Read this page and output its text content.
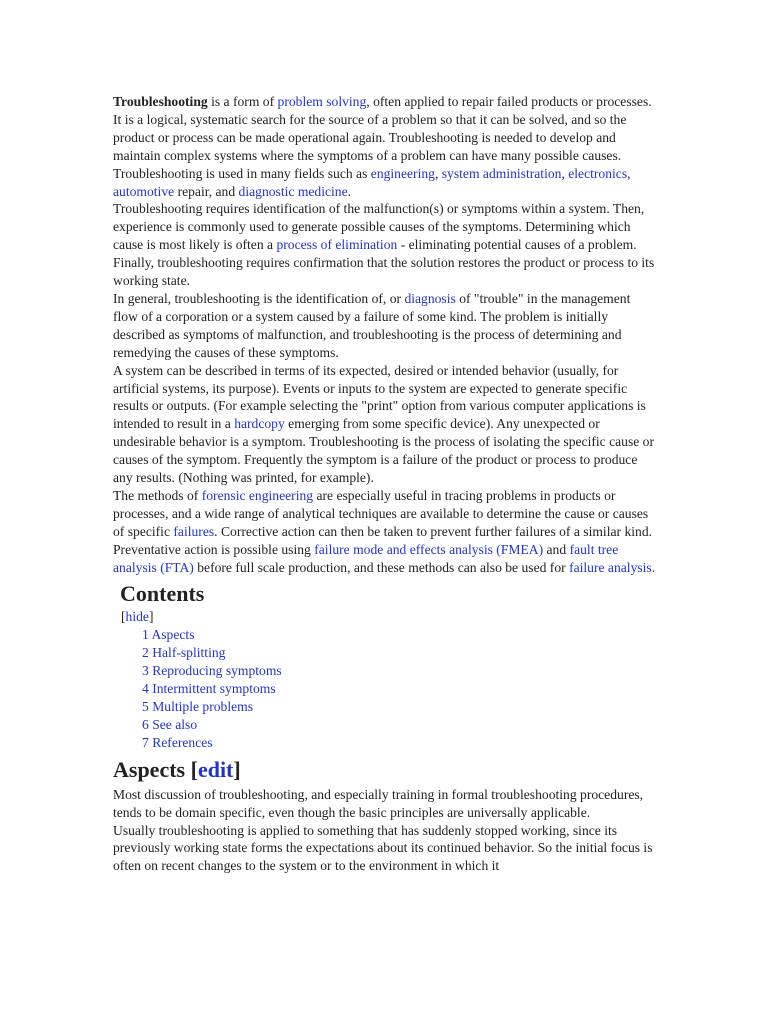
Troubleshooting is a form of problem solving, often applied to repair failed products or processes. It is a logical, systematic search for the source of a problem so that it can be solved, and so the product or process can be made operational again. Troubleshooting is needed to develop and maintain complex systems where the symptoms of a problem can have many possible causes. Troubleshooting is used in many fields such as engineering, system administration, electronics, automotive repair, and diagnostic medicine.

Troubleshooting requires identification of the malfunction(s) or symptoms within a system. Then, experience is commonly used to generate possible causes of the symptoms. Determining which cause is most likely is often a process of elimination - eliminating potential causes of a problem. Finally, troubleshooting requires confirmation that the solution restores the product or process to its working state.

In general, troubleshooting is the identification of, or diagnosis of "trouble" in the management flow of a corporation or a system caused by a failure of some kind. The problem is initially described as symptoms of malfunction, and troubleshooting is the process of determining and remedying the causes of these symptoms.

A system can be described in terms of its expected, desired or intended behavior (usually, for artificial systems, its purpose). Events or inputs to the system are expected to generate specific results or outputs. (For example selecting the "print" option from various computer applications is intended to result in a hardcopy emerging from some specific device). Any unexpected or undesirable behavior is a symptom. Troubleshooting is the process of isolating the specific cause or causes of the symptom. Frequently the symptom is a failure of the product or process to produce any results. (Nothing was printed, for example).

The methods of forensic engineering are especially useful in tracing problems in products or processes, and a wide range of analytical techniques are available to determine the cause or causes of specific failures. Corrective action can then be taken to prevent further failures of a similar kind. Preventative action is possible using failure mode and effects analysis (FMEA) and fault tree analysis (FTA) before full scale production, and these methods can also be used for failure analysis.

Contents
[hide]
1 Aspects
2 Half-splitting
3 Reproducing symptoms
4 Intermittent symptoms
5 Multiple problems
6 See also
7 References
Aspects [edit]

Most discussion of troubleshooting, and especially training in formal troubleshooting procedures, tends to be domain specific, even though the basic principles are universally applicable.

Usually troubleshooting is applied to something that has suddenly stopped working, since its previously working state forms the expectations about its continued behavior. So the initial focus is often on recent changes to the system or to the environment in which it
